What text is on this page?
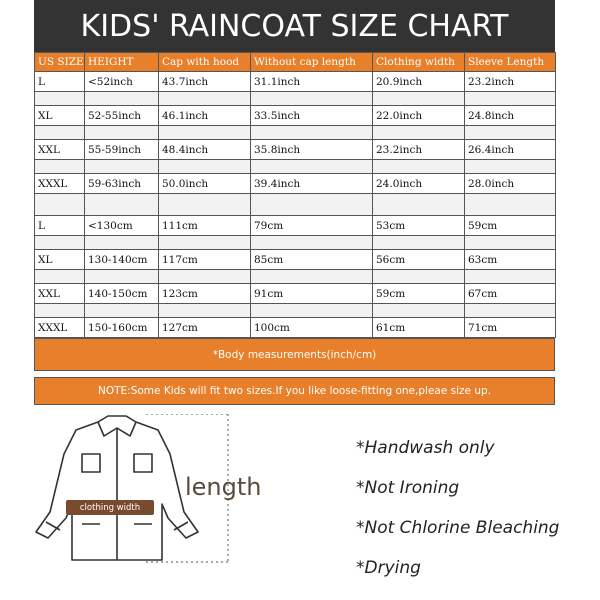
KIDS' RAINCOAT SIZE CHART
US SIZE	HEIGHT	Cap with hood	Without cap length	Clothing width	Sleeve Length
L	<52inch	43.7inch	31.1inch	20.9inch	23.2inch

XL	52-55inch	46.1inch	33.5inch	22.0inch	24.8inch

XXL	55-59inch	48.4inch	35.8inch	23.2inch	26.4inch

XXXL	59-63inch	50.0inch	39.4inch	24.0inch	28.0inch

L	<130cm	111cm	79cm	53cm	59cm

XL	130-140cm	117cm	85cm	56cm	63cm

XXL	140-150cm	123cm	91cm	59cm	67cm

XXXL	150-160cm	127cm	100cm	61cm	71cm
*Body measurements(inch/cm)
NOTE:Some Kids will fit two sizes.If you like loose-fitting one,pleae size up.
length
clothing width
*Handwash only
*Not Ironing
*Not Chlorine Bleaching
*Drying
